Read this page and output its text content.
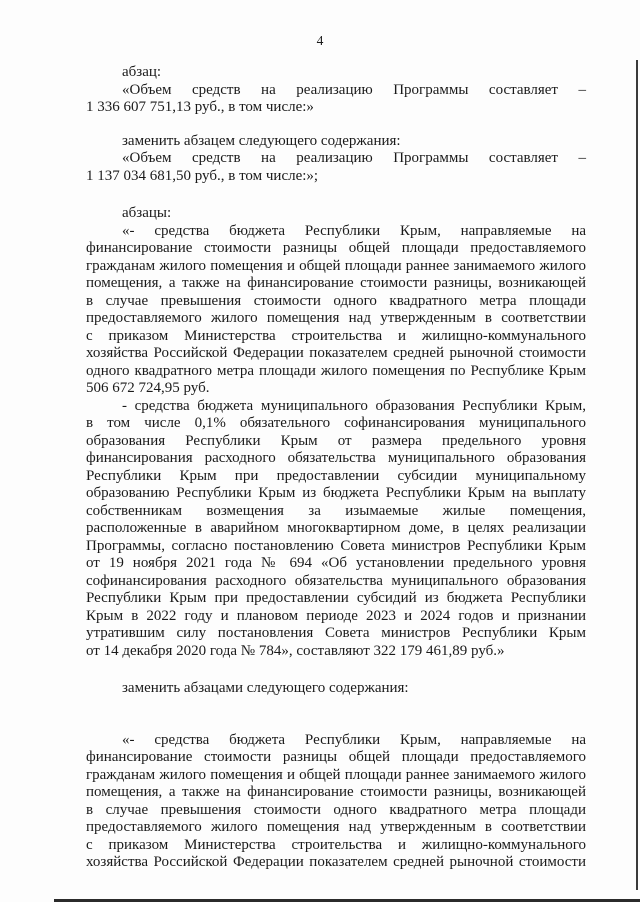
4

абзац:

«Объем средств на реализацию Программы составляет –

1 336 607 751,13 руб., в том числе:»

заменить абзацем следующего содержания:

«Объем средств на реализацию Программы составляет –

1 137 034 681,50 руб., в том числе:»;

абзацы:

«- средства бюджета Республики Крым, направляемые на

финансирование стоимости разницы общей площади предоставляемого

гражданам жилого помещения и общей площади раннее занимаемого жилого

помещения, а также на финансирование стоимости разницы, возникающей

в случае превышения стоимости одного квадратного метра площади

предоставляемого жилого помещения над утвержденным в соответствии

с приказом Министерства строительства и жилищно-коммунального

хозяйства Российской Федерации показателем средней рыночной стоимости

одного квадратного метра площади жилого помещения по Республике Крым

506 672 724,95 руб.

- средства бюджета муниципального образования Республики Крым,

в том числе 0,1% обязательного софинансирования муниципального

образования Республики Крым от размера предельного уровня

финансирования расходного обязательства муниципального образования

Республики Крым при предоставлении субсидии муниципальному

образованию Республики Крым из бюджета Республики Крым на выплату

собственникам возмещения за изымаемые жилые помещения,

расположенные в аварийном многоквартирном доме, в целях реализации

Программы, согласно постановлению Совета министров Республики Крым

от 19 ноября 2021 года № 694 «Об установлении предельного уровня

софинансирования расходного обязательства муниципального образования

Республики Крым при предоставлении субсидий из бюджета Республики

Крым в 2022 году и плановом периоде 2023 и 2024 годов и признании

утратившим силу постановления Совета министров Республики Крым

от 14 декабря 2020 года № 784», составляют 322 179 461,89 руб.»

заменить абзацами следующего содержания:

«- средства бюджета Республики Крым, направляемые на

финансирование стоимости разницы общей площади предоставляемого

гражданам жилого помещения и общей площади раннее занимаемого жилого

помещения, а также на финансирование стоимости разницы, возникающей

в случае превышения стоимости одного квадратного метра площади

предоставляемого жилого помещения над утвержденным в соответствии

с приказом Министерства строительства и жилищно-коммунального

хозяйства Российской Федерации показателем средней рыночной стоимости
